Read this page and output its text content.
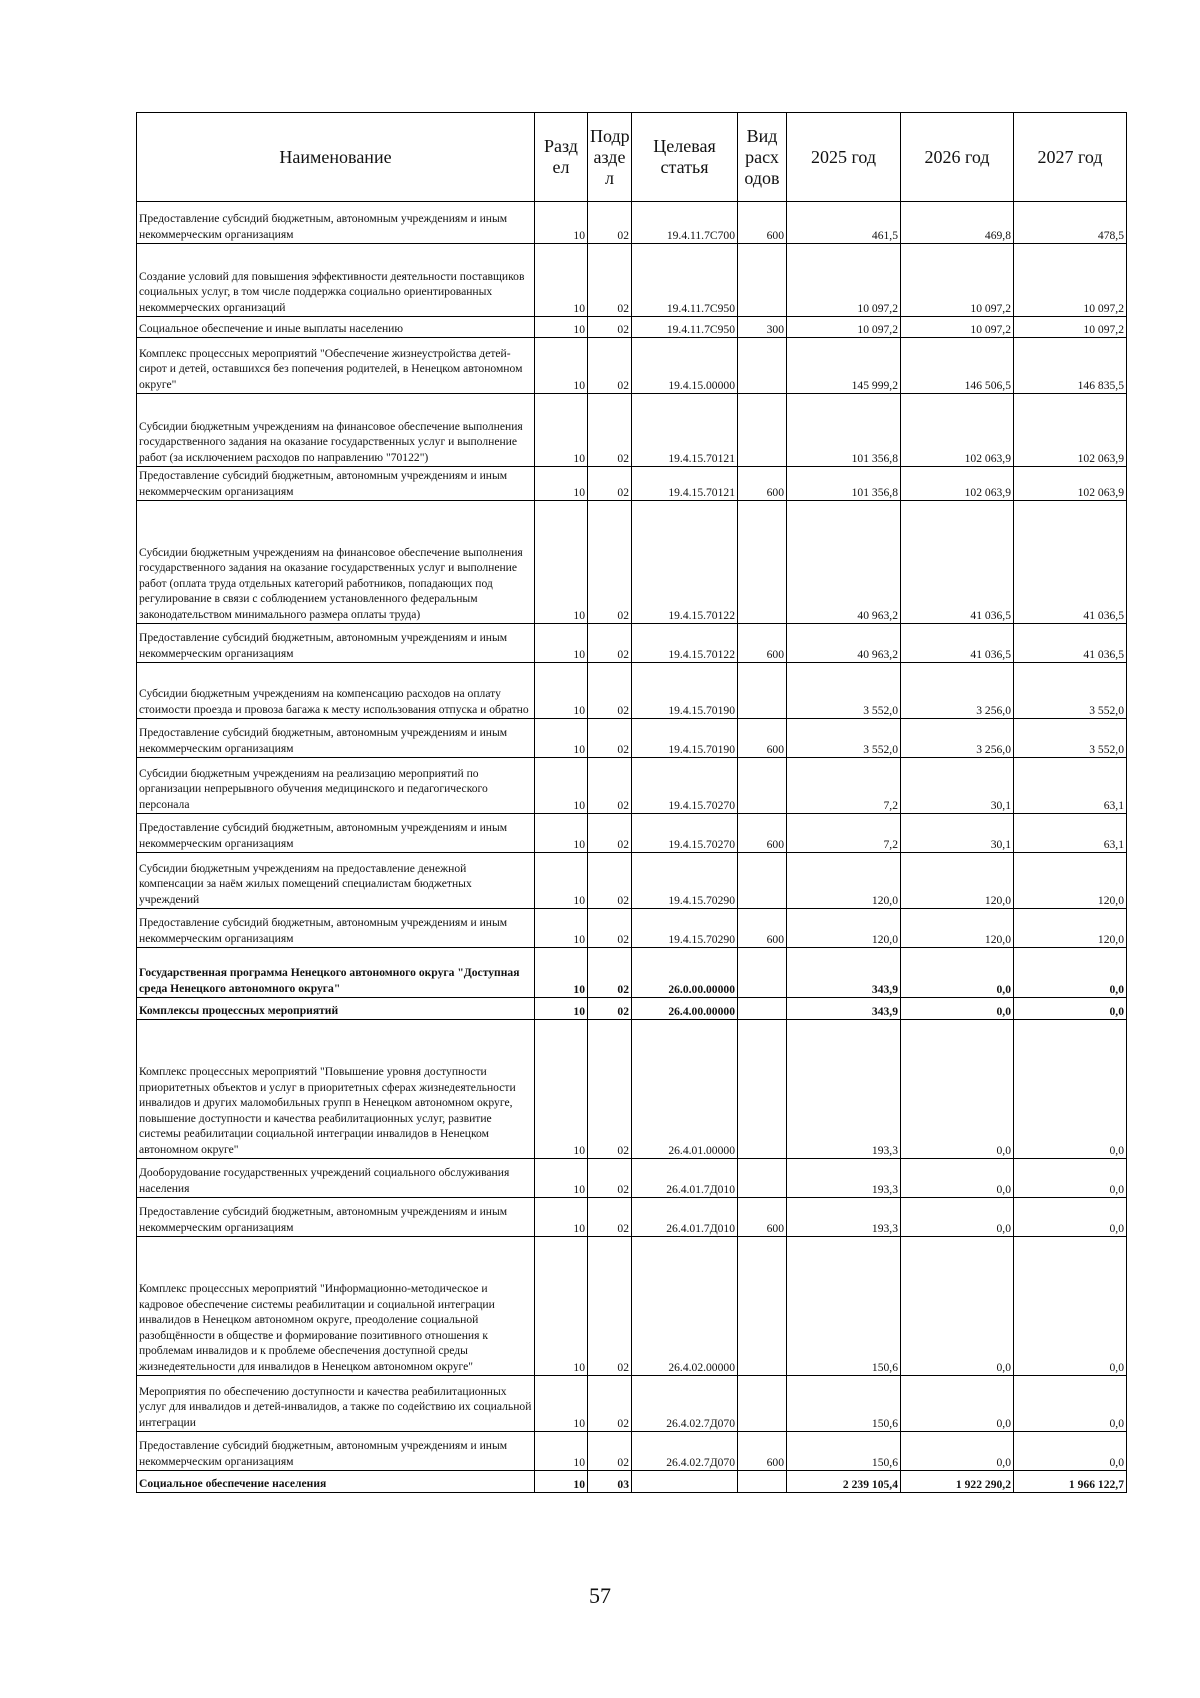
Наименование	Разд ел	Подр азде л	Целевая статья	Вид расх одов	2025 год	2026 год	2027 год
Предоставление субсидий бюджетным, автономным учреждениям и иным некоммерческим организациям	10	02	19.4.11.7С700	600	461,5	469,8	478,5
Создание условий для повышения эффективности деятельности поставщиков социальных услуг, в том числе поддержка социально ориентированных некоммерческих организаций	10	02	19.4.11.7С950		10 097,2	10 097,2	10 097,2
Социальное обеспечение и иные выплаты населению	10	02	19.4.11.7С950	300	10 097,2	10 097,2	10 097,2
Комплекс процессных мероприятий "Обеспечение жизнеустройства детей-сирот и детей, оставшихся без попечения родителей, в Ненецком автономном округе"	10	02	19.4.15.00000		145 999,2	146 506,5	146 835,5
Субсидии бюджетным учреждениям на финансовое обеспечение выполнения государственного задания на оказание государственных услуг и выполнение работ (за исключением расходов по направлению "70122")	10	02	19.4.15.70121		101 356,8	102 063,9	102 063,9
Предоставление субсидий бюджетным, автономным учреждениям и иным некоммерческим организациям	10	02	19.4.15.70121	600	101 356,8	102 063,9	102 063,9
Субсидии бюджетным учреждениям на финансовое обеспечение выполнения государственного задания на оказание государственных услуг и выполнение работ (оплата труда отдельных категорий работников, попадающих под регулирование в связи с соблюдением установленного федеральным законодательством минимального размера оплаты труда)	10	02	19.4.15.70122		40 963,2	41 036,5	41 036,5
Предоставление субсидий бюджетным, автономным учреждениям и иным некоммерческим организациям	10	02	19.4.15.70122	600	40 963,2	41 036,5	41 036,5
Субсидии бюджетным учреждениям на компенсацию расходов на оплату стоимости проезда и провоза багажа к месту использования отпуска и обратно	10	02	19.4.15.70190		3 552,0	3 256,0	3 552,0
Предоставление субсидий бюджетным, автономным учреждениям и иным некоммерческим организациям	10	02	19.4.15.70190	600	3 552,0	3 256,0	3 552,0
Субсидии бюджетным учреждениям на реализацию мероприятий по организации непрерывного обучения медицинского и педагогического персонала	10	02	19.4.15.70270		7,2	30,1	63,1
Предоставление субсидий бюджетным, автономным учреждениям и иным некоммерческим организациям	10	02	19.4.15.70270	600	7,2	30,1	63,1
Субсидии бюджетным учреждениям на предоставление денежной компенсации за наём жилых помещений специалистам бюджетных учреждений	10	02	19.4.15.70290		120,0	120,0	120,0
Предоставление субсидий бюджетным, автономным учреждениям и иным некоммерческим организациям	10	02	19.4.15.70290	600	120,0	120,0	120,0
Государственная программа Ненецкого автономного округа "Доступная среда Ненецкого автономного округа"	10	02	26.0.00.00000		343,9	0,0	0,0
Комплексы процессных мероприятий	10	02	26.4.00.00000		343,9	0,0	0,0
Комплекс процессных мероприятий "Повышение уровня доступности приоритетных объектов и услуг в приоритетных сферах жизнедеятельности инвалидов и других маломобильных групп в Ненецком автономном округе, повышение доступности и качества реабилитационных услуг, развитие системы реабилитации социальной интеграции инвалидов в Ненецком автономном округе"	10	02	26.4.01.00000		193,3	0,0	0,0
Дооборудование государственных учреждений социального обслуживания населения	10	02	26.4.01.7Д010		193,3	0,0	0,0
Предоставление субсидий бюджетным, автономным учреждениям и иным некоммерческим организациям	10	02	26.4.01.7Д010	600	193,3	0,0	0,0
Комплекс процессных мероприятий "Информационно-методическое и кадровое обеспечение системы реабилитации и социальной интеграции инвалидов в Ненецком автономном округе, преодоление социальной разобщённости в обществе и формирование позитивного отношения к проблемам инвалидов и к проблеме обеспечения доступной среды жизнедеятельности для инвалидов в Ненецком автономном округе"	10	02	26.4.02.00000		150,6	0,0	0,0
Мероприятия по обеспечению доступности и качества реабилитационных услуг для инвалидов и детей-инвалидов, а также по содействию их социальной интеграции	10	02	26.4.02.7Д070		150,6	0,0	0,0
Предоставление субсидий бюджетным, автономным учреждениям и иным некоммерческим организациям	10	02	26.4.02.7Д070	600	150,6	0,0	0,0
Социальное обеспечение населения	10	03			2 239 105,4	1 922 290,2	1 966 122,7
57
